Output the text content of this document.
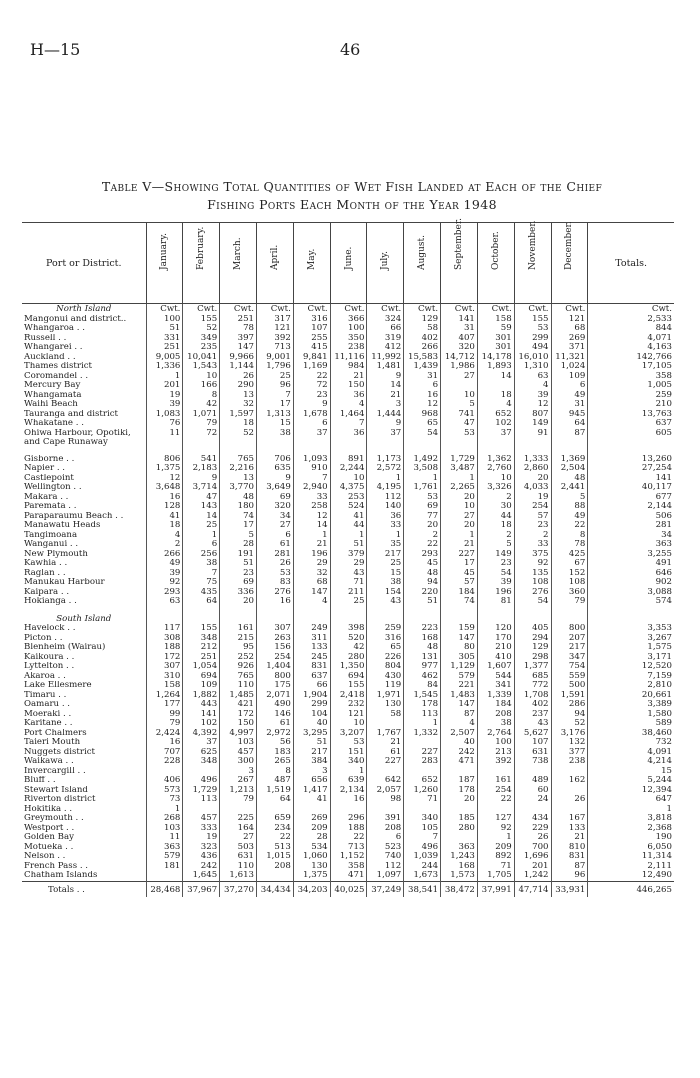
H—15	46
Table V—Showing Total Quantities of Wet Fish Landed at Each of the Chief
Fishing Ports Each Month of the Year 1948
Port or District.	January.	February.	March.	April.	May.	June.	July.	August.	September.	October.	November.	December.	Totals.
North Island	Cwt.	Cwt.	Cwt.	Cwt.	Cwt.	Cwt.	Cwt.	Cwt.	Cwt.	Cwt.	Cwt.	Cwt.	Cwt.
Mangonui and district..	100	155	251	317	316	366	324	129	141	158	155	121	2,533
Whangaroa . .	51	52	78	121	107	100	66	58	31	59	53	68	844
Russell . .	331	349	397	392	255	350	319	402	407	301	299	269	4,071
Whangarei . .	251	235	147	713	415	238	412	266	320	301	494	371	4,163
Auckland . .	9,005	10,041	9,966	9,001	9,841	11,116	11,992	15,583	14,712	14,178	16,010	11,321	142,766
Thames district	1,336	1,543	1,144	1,796	1,169	984	1,481	1,439	1,986	1,893	1,310	1,024	17,105
Coromandel . .	1	10	26	25	22	21	9	31	27	14	63	109	358
Mercury Bay	201	166	290	96	72	150	14	6			4	6	1,005
Whangamata	19	8	13	7	23	36	21	16	10	18	39	49	259
Waihi Beach	39	42	32	17	9	4	3	12	5	4	12	31	210
Tauranga and district	1,083	1,071	1,597	1,313	1,678	1,464	1,444	968	741	652	807	945	13,763
Whakatane . .	76	79	18	15	6	7	9	65	47	102	149	64	637
Ohiwa Harbour, Opotiki,	11	72	52	38	37	36	37	54	53	37	91	87	605
and Cape Runaway													

Gisborne . .	806	541	765	706	1,093	891	1,173	1,492	1,729	1,362	1,333	1,369	13,260
Napier . .	1,375	2,183	2,216	635	910	2,244	2,572	3,508	3,487	2,760	2,860	2,504	27,254
Castlepoint	12	9	13	9	7	10	1	1	1	10	20	48	141
Wellington . .	3,648	3,714	3,770	3,649	2,940	4,375	4,195	1,761	2,265	3,326	4,033	2,441	40,117
Makara . .	16	47	48	69	33	253	112	53	20	2	19	5	677
Paremata . .	128	143	180	320	258	524	140	69	10	30	254	88	2,144
Paraparaumu Beach . .	41	14	74	34	12	41	36	77	27	44	57	49	506
Manawatu Heads	18	25	17	27	14	44	33	20	20	18	23	22	281
Tangimoana	4	1	5	6	1	1	1	2	1	2	2	8	34
Wanganui . .	2	6	28	61	21	51	35	22	21	5	33	78	363
New Plymouth	266	256	191	281	196	379	217	293	227	149	375	425	3,255
Kawhia . .	49	38	51	26	29	29	25	45	17	23	92	67	491
Raglan . .	39	7	23	53	32	43	15	48	45	54	135	152	646
Manukau Harbour	92	75	69	83	68	71	38	94	57	39	108	108	902
Kaipara . .	293	435	336	276	147	211	154	220	184	196	276	360	3,088
Hokianga . .	63	64	20	16	4	25	43	51	74	81	54	79	574

South Island													
Havelock . .	117	155	161	307	249	398	259	223	159	120	405	800	3,353
Picton . .	308	348	215	263	311	520	316	168	147	170	294	207	3,267
Blenheim (Wairau)	188	212	95	156	133	42	65	48	80	210	129	217	1,575
Kaikoura . .	172	251	252	254	245	280	226	131	305	410	298	347	3,171
Lyttelton . .	307	1,054	926	1,404	831	1,350	804	977	1,129	1,607	1,377	754	12,520
Akaroa . .	310	694	765	800	637	694	430	462	579	544	685	559	7,159
Lake Ellesmere	158	109	110	175	66	155	119	84	221	341	772	500	2,810
Timaru . .	1,264	1,882	1,485	2,071	1,904	2,418	1,971	1,545	1,483	1,339	1,708	1,591	20,661
Oamaru . .	177	443	421	490	299	232	130	178	147	184	402	286	3,389
Moeraki . .	99	141	172	146	104	121	58	113	87	208	237	94	1,580
Karitane . .	79	102	150	61	40	10		1	4	38	43	52	589
Port Chalmers	2,424	4,392	4,997	2,972	3,295	3,207	1,767	1,332	2,507	2,764	5,627	3,176	38,460
Taieri Mouth	16	37	103	56	51	53	21		40	100	107	132	732
Nuggets district	707	625	457	183	217	151	61	227	242	213	631	377	4,091
Waikawa . .	228	348	300	265	384	340	227	283	471	392	738	238	4,214
Invercargill . .			3	8	3	1							15
Bluff . .	406	496	267	487	656	639	642	652	187	161	489	162	5,244
Stewart Island	573	1,729	1,213	1,519	1,417	2,134	2,057	1,260	178	254	60		12,394
Riverton district	73	113	79	64	41	16	98	71	20	22	24	26	647
Hokitika . .	1												1
Greymouth . .	268	457	225	659	269	296	391	340	185	127	434	167	3,818
Westport . .	103	333	164	234	209	188	208	105	280	92	229	133	2,368
Golden Bay	11	19	27	22	28	22	6	7		1	26	21	190
Motueka . .	363	323	503	513	534	713	523	496	363	209	700	810	6,050
Nelson . .	579	436	631	1,015	1,060	1,152	740	1,039	1,243	892	1,696	831	11,314
French Pass . .	181	242	110	208	130	358	112	244	168	71	201	87	2,111
Chatham Islands		1,645	1,613		1,375	471	1,097	1,673	1,573	1,705	1,242	96	12,490
Totals . .	28,468	37,967	37,270	34,434	34,203	40,025	37,249	38,541	38,472	37,991	47,714	33,931	446,265
